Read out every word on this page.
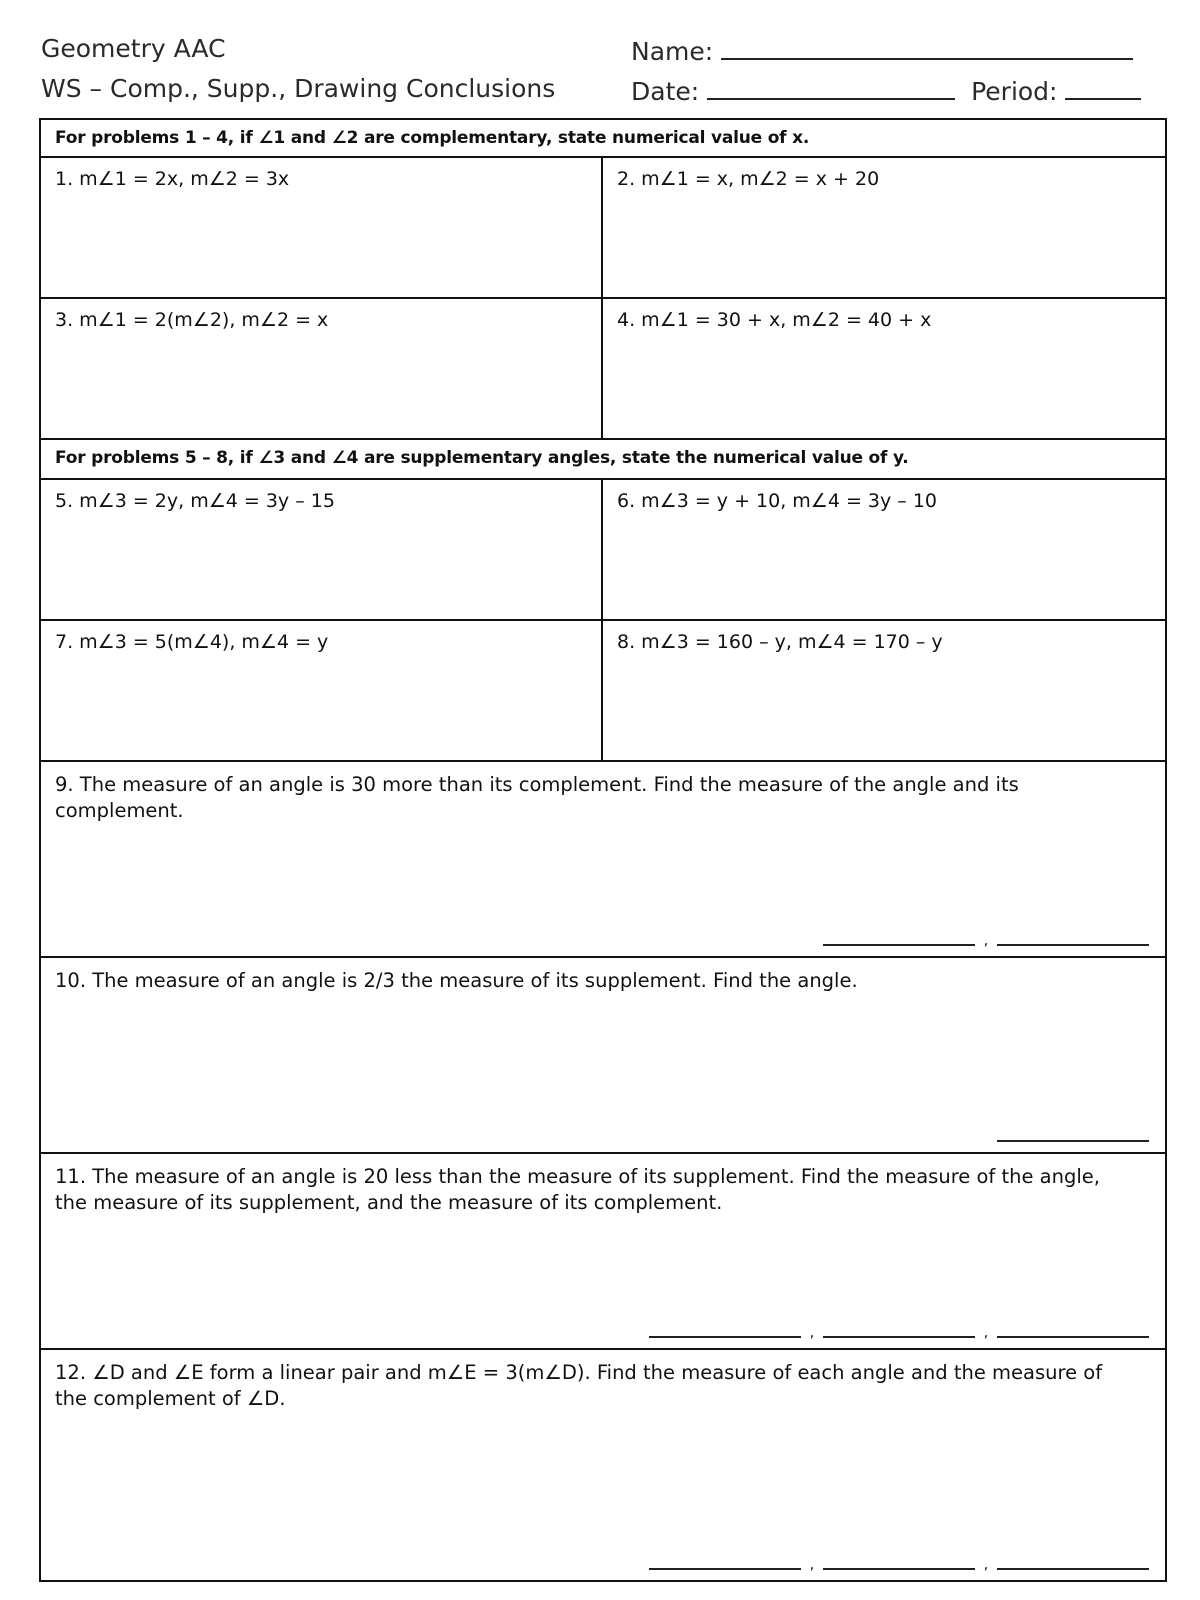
Geometry AAC
WS – Comp., Supp., Drawing Conclusions
Name:
Date:	Period:
For problems 1 – 4, if ∠1 and ∠2 are complementary, state numerical value of x.
1. m∠1 = 2x, m∠2 = 3x	2. m∠1 = x, m∠2 = x + 20
3. m∠1 = 2(m∠2), m∠2 = x	4. m∠1 = 30 + x, m∠2 = 40 + x
For problems 5 – 8, if ∠3 and ∠4 are supplementary angles, state the numerical value of y.
5. m∠3 = 2y, m∠4 = 3y – 15	6. m∠3 = y + 10, m∠4 = 3y – 10
7. m∠3 = 5(m∠4), m∠4 = y	8. m∠3 = 160 – y, m∠4 = 170 – y
9. The measure of an angle is 30 more than its complement. Find the measure of the angle and its complement.
,
10. The measure of an angle is 2/3 the measure of its supplement. Find the angle.
11. The measure of an angle is 20 less than the measure of its supplement. Find the measure of the angle, the measure of its supplement, and the measure of its complement.
,	,
12. ∠D and ∠E form a linear pair and m∠E = 3(m∠D). Find the measure of each angle and the measure of the complement of ∠D.
,	,
